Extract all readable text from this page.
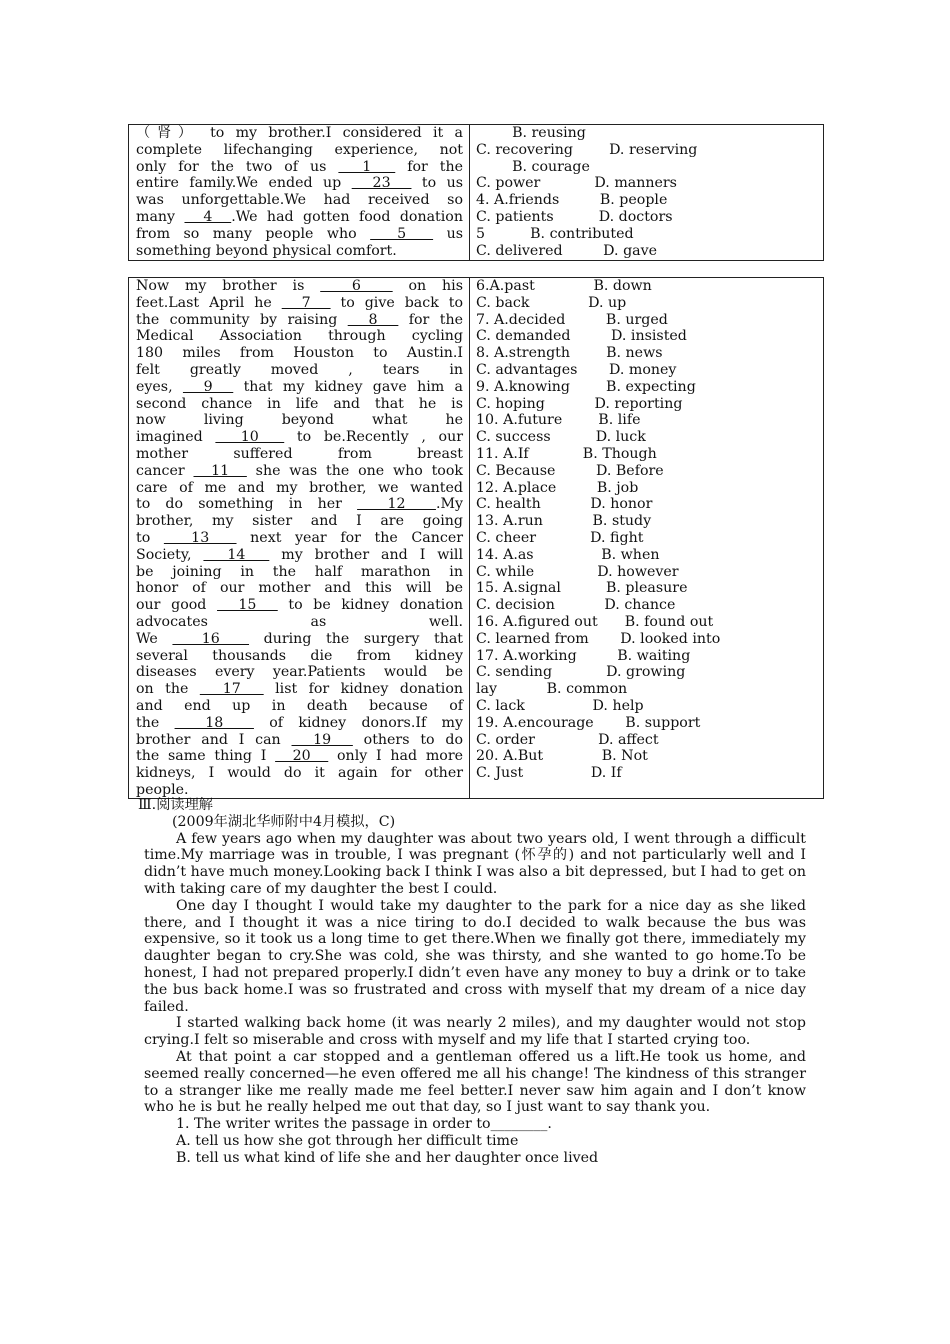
（肾） to my brother.I considered it a
complete lifechanging experience, not
only for the two of us   1   for the
entire family.We ended up   23   to us
was unforgettable.We had received so
many   4  .We had gotten food donation
from so many people who   5   us
something beyond physical comfort.
B. reusing
C. recovering        D. reserving
B. courage
C. power            D. manners
4. A.friends         B. people
C. patients          D. doctors
5          B. contributed
C. delivered         D. gave
Now my brother is   6   on his
feet.Last April he   7   to give back to
the community by raising   8   for the
Medical Association through cycling
180 miles from Houston to Austin.I
felt greatly moved , tears in
eyes,   9   that my kidney gave him a
second chance in life and that he is
now living beyond what he
imagined   10   to be.Recently , our
mother suffered from breast
cancer   11   she was the one who took
care of me and my brother, we wanted
to do something in her   12  .My
brother, my sister and I are going
to   13   next year for the Cancer
Society,   14   my brother and I will
be joining in the half marathon in
honor of our mother and this will be
our good   15   to be kidney donation
advocates as well.
We   16   during the surgery that
several thousands die from kidney
diseases every year.Patients would be
on the   17   list for kidney donation
and end up in death because of
the   18   of kidney donors.If my
brother and I can   19   others to do
the same thing I   20   only I had more
kidneys, I would do it again for other
people.
6.A.past             B. down
C. back             D. up
7. A.decided         B. urged
C. demanded         D. insisted
8. A.strength        B. news
C. advantages       D. money
9. A.knowing        B. expecting
C. hoping           D. reporting
10. A.future        B. life
C. success          D. luck
11. A.If            B. Though
C. Because         D. Before
12. A.place         B. job
C. health           D. honor
13. A.run           B. study
C. cheer            D. fight
14. A.as               B. when
C. while              D. however
15. A.signal          B. pleasure
C. decision           D. chance
16. A.figured out      B. found out
C. learned from       D. looked into
17. A.working         B. waiting
C. sending            D. growing
lay           B. common
C. lack               D. help
19. A.encourage       B. support
C. order              D. affect
20. A.But             B. Not
C. Just               D. If
Ⅲ.阅读理解
(2009年湖北华师附中4月模拟，C)
A few years ago when my daughter was about two years old, I went through a difficult time.My marriage was in trouble, I was pregnant (怀孕的) and not particularly well and I didn’t have much money.Looking back I think I was also a bit depressed, but I had to get on with taking care of my daughter the best I could.
One day I thought I would take my daughter to the park for a nice day as she liked there, and I thought it was a nice tiring to do.I decided to walk because the bus was expensive, so it took us a long time to get there.When we finally got there, immediately my daughter began to cry.She was cold, she was thirsty, and she wanted to go home.To be honest, I had not prepared properly.I didn’t even have any money to buy a drink or to take the bus back home.I was so frustrated and cross with myself that my dream of a nice day failed.
I started walking back home (it was nearly 2 miles), and my daughter would not stop crying.I felt so miserable and cross with myself and my life that I started crying too.
At that point a car stopped and a gentleman offered us a lift.He took us home, and seemed really concerned—he even offered me all his change! The kindness of this stranger to a stranger like me really made me feel better.I never saw him again and I don’t know who he is but he really helped me out that day, so I just want to say thank you.
1. The writer writes the passage in order to________.
A. tell us how she got through her difficult time
B. tell us what kind of life she and her daughter once lived
